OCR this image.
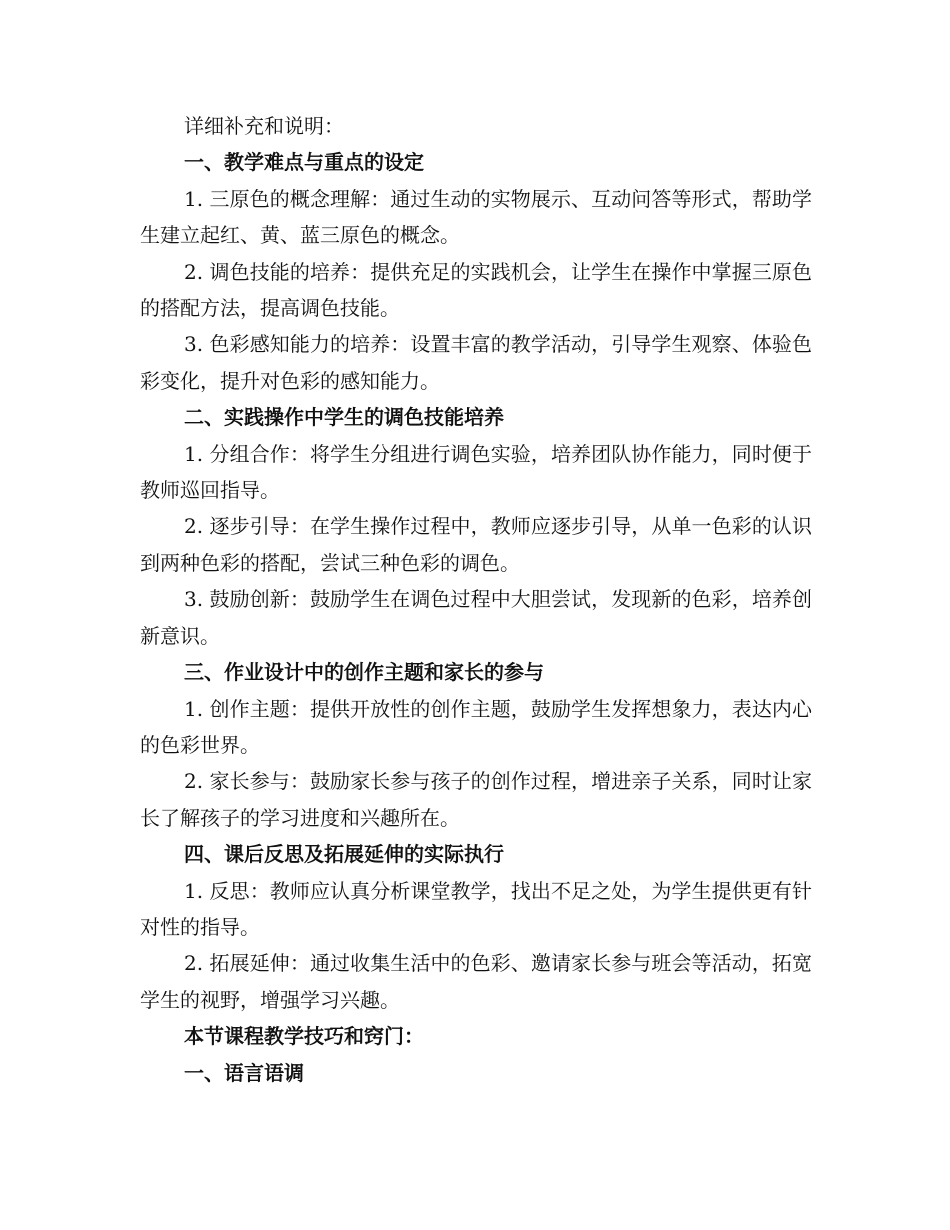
详细补充和说明：

一、教学难点与重点的设定

1. 三原色的概念理解：通过生动的实物展示、互动问答等形式，帮助学生建立起红、黄、蓝三原色的概念。

2. 调色技能的培养：提供充足的实践机会，让学生在操作中掌握三原色的搭配方法，提高调色技能。

3. 色彩感知能力的培养：设置丰富的教学活动，引导学生观察、体验色彩变化，提升对色彩的感知能力。

二、实践操作中学生的调色技能培养

1. 分组合作：将学生分组进行调色实验，培养团队协作能力，同时便于教师巡回指导。

2. 逐步引导：在学生操作过程中，教师应逐步引导，从单一色彩的认识到两种色彩的搭配，尝试三种色彩的调色。

3. 鼓励创新：鼓励学生在调色过程中大胆尝试，发现新的色彩，培养创新意识。

三、作业设计中的创作主题和家长的参与

1. 创作主题：提供开放性的创作主题，鼓励学生发挥想象力，表达内心的色彩世界。

2. 家长参与：鼓励家长参与孩子的创作过程，增进亲子关系，同时让家长了解孩子的学习进度和兴趣所在。

四、课后反思及拓展延伸的实际执行

1. 反思：教师应认真分析课堂教学，找出不足之处，为学生提供更有针对性的指导。

2. 拓展延伸：通过收集生活中的色彩、邀请家长参与班会等活动，拓宽学生的视野，增强学习兴趣。

本节课程教学技巧和窍门：

一、语言语调
